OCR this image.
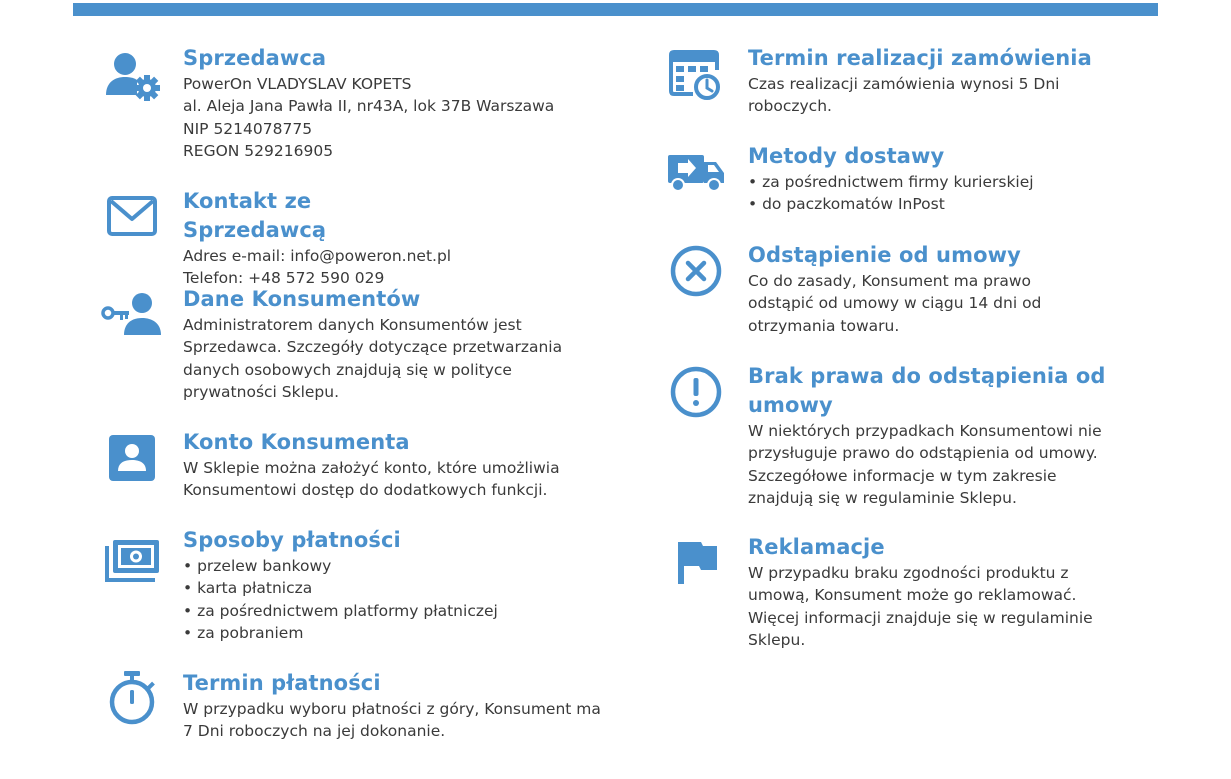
Sprzedawca
PowerOn VLADYSLAV KOPETS
al. Aleja Jana Pawła II, nr43A, lok 37B Warszawa
NIP 5214078775
REGON 529216905
Kontakt ze Sprzedawcą
Adres e-mail: info@poweron.net.pl
Telefon: +48 572 590 029
Dane Konsumentów

Administratorem danych Konsumentów jest Sprzedawca. Szczegóły dotyczące przetwarzania danych osobowych znajdują się w polityce prywatności Sklepu.

Konto Konsumenta

W Sklepie można założyć konto, które umożliwia Konsumentowi dostęp do dodatkowych funkcji.

Sposoby płatności
• przelew bankowy
• karta płatnicza
• za pośrednictwem platformy płatniczej
• za pobraniem
Termin płatności

W przypadku wyboru płatności z góry, Konsument ma 7 Dni roboczych na jej dokonanie.

Termin realizacji zamówienia

Czas realizacji zamówienia wynosi 5 Dni roboczych.

Metody dostawy
• za pośrednictwem firmy kurierskiej
• do paczkomatów InPost
Odstąpienie od umowy

Co do zasady, Konsument ma prawo odstąpić od umowy w ciągu 14 dni od otrzymania towaru.

Brak prawa do odstąpienia od umowy

W niektórych przypadkach Konsumentowi nie przysługuje prawo do odstąpienia od umowy. Szczegółowe informacje w tym zakresie znajdują się w regulaminie Sklepu.

Reklamacje

W przypadku braku zgodności produktu z umową, Konsument może go reklamować. Więcej informacji znajduje się w regulaminie Sklepu.
